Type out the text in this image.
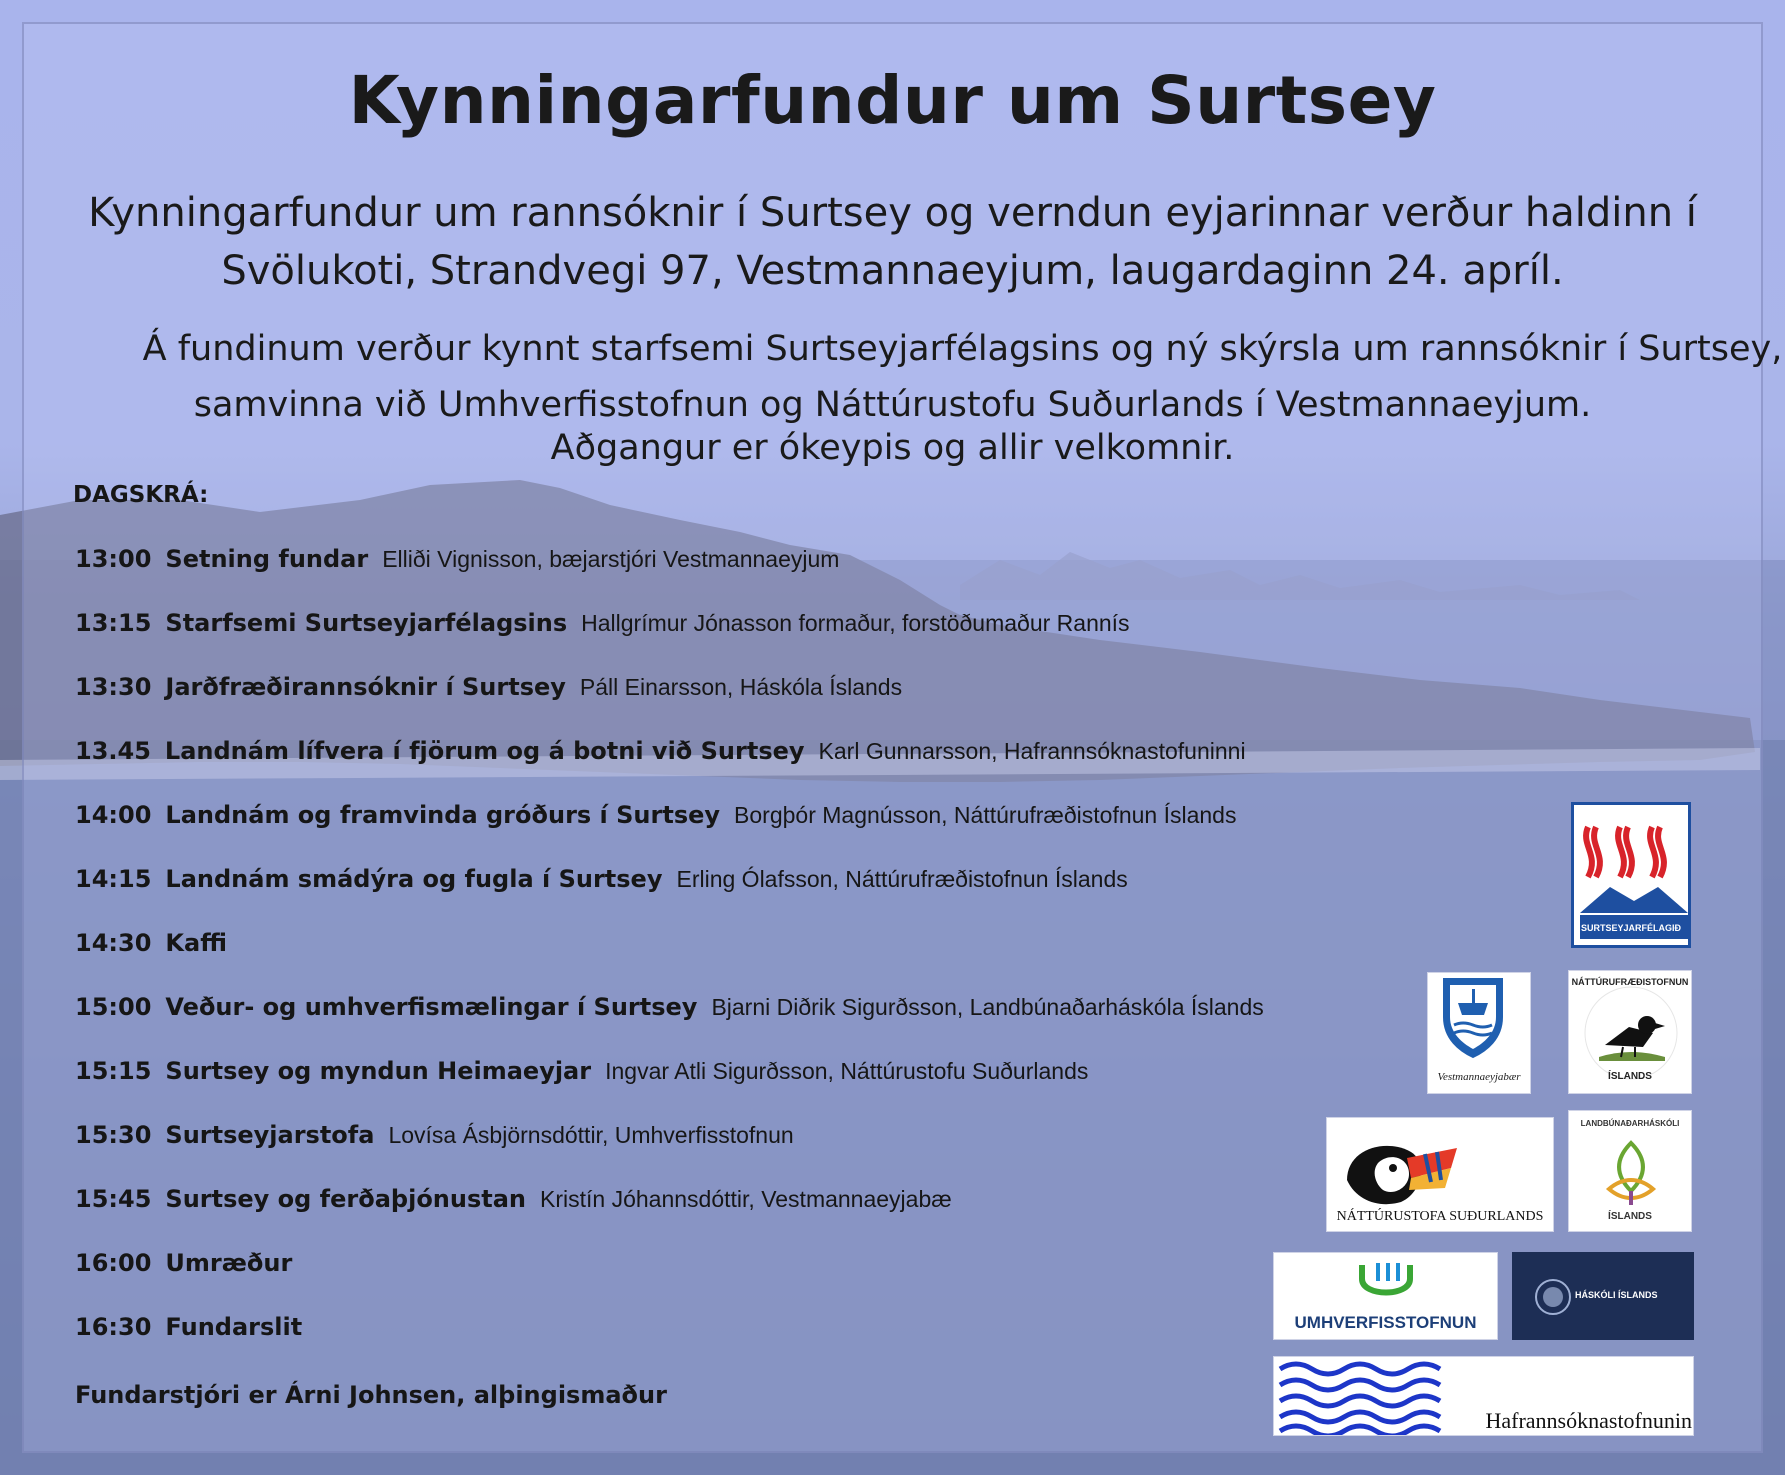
Kynningarfundur um Surtsey
Kynningarfundur um rannsóknir í Surtsey og verndun eyjarinnar verður haldinn í
Svölukoti, Strandvegi 97, Vestmannaeyjum, laugardaginn 24. apríl.
Á fundinum verður kynnt starfsemi Surtseyjarfélagsins og ný skýrsla um rannsóknir í Surtsey,
samvinna við Umhverfisstofnun og Náttúrustofu Suðurlands í Vestmannaeyjum.
Aðgangur er ókeypis og allir velkomnir.
DAGSKRÁ:
13:00 Setning fundar Elliði Vignisson, bæjarstjóri Vestmannaeyjum
13:15 Starfsemi Surtseyjarfélagsins Hallgrímur Jónasson formaður, forstöðumaður Rannís
13:30 Jarðfræðirannsóknir í Surtsey Páll Einarsson, Háskóla Íslands
13.45 Landnám lífvera í fjörum og á botni við Surtsey Karl Gunnarsson, Hafrannsóknastofuninni
14:00 Landnám og framvinda gróðurs í Surtsey Borgþór Magnússon, Náttúrufræðistofnun Íslands
14:15 Landnám smádýra og fugla í Surtsey Erling Ólafsson, Náttúrufræðistofnun Íslands
14:30 Kaffi
15:00 Veður- og umhverfismælingar í Surtsey Bjarni Diðrik Sigurðsson, Landbúnaðarháskóla Íslands
15:15 Surtsey og myndun Heimaeyjar Ingvar Atli Sigurðsson, Náttúrustofu Suðurlands
15:30 Surtseyjarstofa Lovísa Ásbjörnsdóttir, Umhverfisstofnun
15:45 Surtsey og ferðaþjónustan Kristín Jóhannsdóttir, Vestmannaeyjabæ
16:00 Umræður
16:30 Fundarslit
Fundarstjóri er Árni Johnsen, alþingismaður
SURTSEYJARFÉLAGIÐ
Vestmannaeyjabær
NÁTTÚRUFRÆÐISTOFNUN
ÍSLANDS
NÁTTÚRUSTOFA SUÐURLANDS
LANDBÚNAÐARHÁSKÓLI
ÍSLANDS
UMHVERFISSTOFNUN
HÁSKÓLI ÍSLANDS
Hafrannsóknastofnunin
